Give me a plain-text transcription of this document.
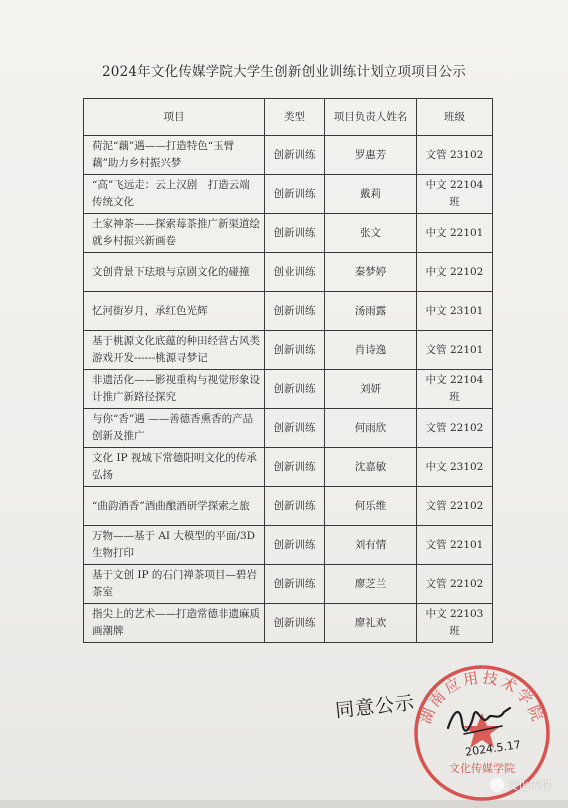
2024年文化传媒学院大学生创新创业训练计划立项项目公示
项目	类型	项目负责人姓名	班级
荷泥“藕”遇——打造特色“玉臂藕”助力乡村振兴梦	创新训练	罗惠芳	文管 23102
“高”飞远走：云上汉剧　打造云端传统文化	创新训练	戴莉	中文 22104 班
土家神茶——探索莓茶推广新渠道绘就乡村振兴新画卷	创新训练	张文	中文 22101
文创背景下珐琅与京剧文化的碰撞	创业训练	秦梦婷	中文 22102
忆河街岁月，承红色光辉	创新训练	汤雨露	中文 23101
基于桃源文化底蕴的种田经营古风类游戏开发------桃源寻梦记	创新训练	肖诗逸	文管 22101
非遗活化——影视重构与视觉形象设计推广新路径探究	创新训练	刘妍	中文 22104 班
与你“香”遇 ——善德香熏香的产品创新及推广	创新训练	何雨欣	文管 22102
文化 IP 视域下常德阳明文化的传承弘扬	创新训练	沈嘉敏	中文 23102
“曲韵酒香”酒曲酿酒研学探索之旅	创新训练	何乐维	文管 22102
万物——基于 AI 大模型的平面/3D生物打印	创新训练	刘有情	文管 22101
基于文创 IP 的石门禅茶项目—碧岩茶室	创新训练	廖芝兰	文管 22102
指尖上的艺术——打造常德非遗麻质画潮牌	创新训练	廖礼欢	中文 22103 班
同意公示 湖南应用技术学院
文化传媒学院
2024.5.17
文化传媒
